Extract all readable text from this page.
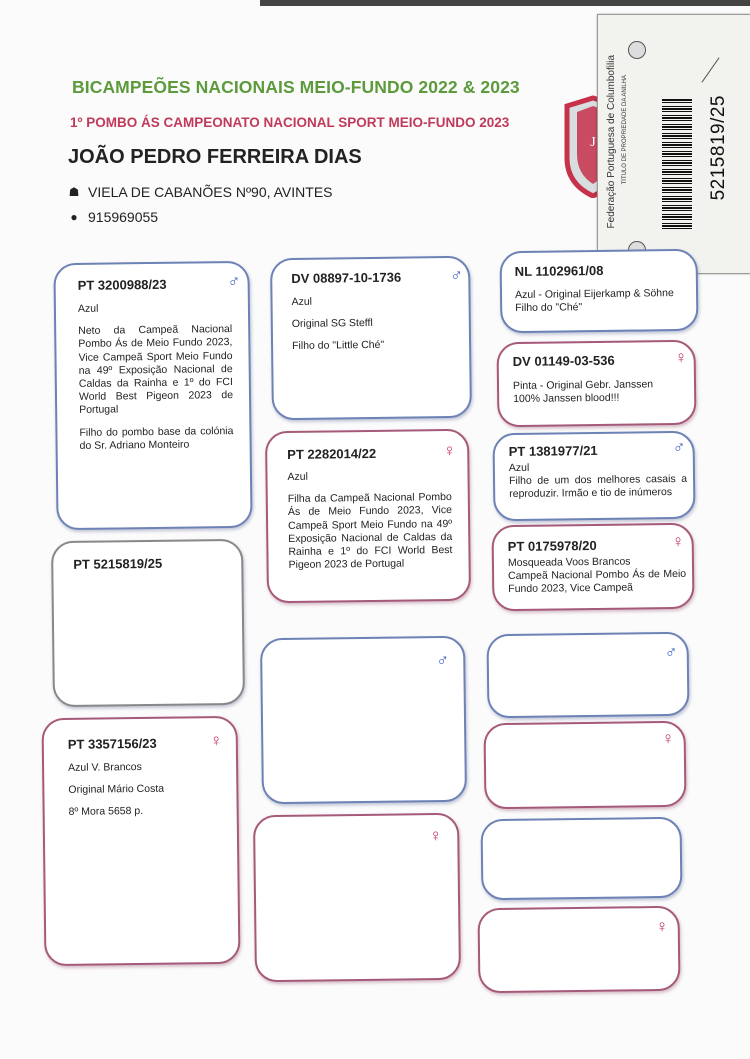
BICAMPEÕES NACIONAIS MEIO-FUNDO 2022 & 2023
1º POMBO ÁS CAMPEONATO NACIONAL SPORT MEIO-FUNDO 2023
JOÃO PEDRO FERREIRA DIAS
☗ VIELA DE CABANÕES Nº90, AVINTES
● 915969055
J Federação Portuguesa de Columbofilia TÍTULO DE PROPRIEDADE DA ANILHA	5215819/25
PT 3200988/23	♂

Azul

Neto da Campeã Nacional Pombo Ás de Meio Fundo 2023, Vice Campeã Sport Meio Fundo na 49º Exposição Nacional de Caldas da Rainha e 1º do FCI World Best Pigeon 2023 de Portugal

Filho do pombo base da colónia do Sr. Adriano Monteiro

PT 5215819/25
PT 3357156/23	♀

Azul V. Brancos

Original Mário Costa

8º Mora 5658 p.

DV 08897-10-1736	♂

Azul

Original SG Steffl

Filho do "Little Ché"

PT 2282014/22	♀

Azul

Filha da Campeã Nacional Pombo Ás de Meio Fundo 2023, Vice Campeã Sport Meio Fundo na 49º Exposição Nacional de Caldas da Rainha e 1º do FCI World Best Pigeon 2023 de Portugal

♂
♀
NL 1102961/08
Azul - Original Eijerkamp & Söhne
Filho do "Ché"
DV 01149-03-536	♀
Pinta - Original Gebr. Janssen
100% Janssen blood!!!
PT 1381977/21	♂
Azul
Filho de um dos melhores casais a reproduzir. Irmão e tio de inúmeros
PT 0175978/20	♀
Mosqueada Voos Brancos
Campeã Nacional Pombo Ás de Meio Fundo 2023, Vice Campeã
♂
♀
♀
